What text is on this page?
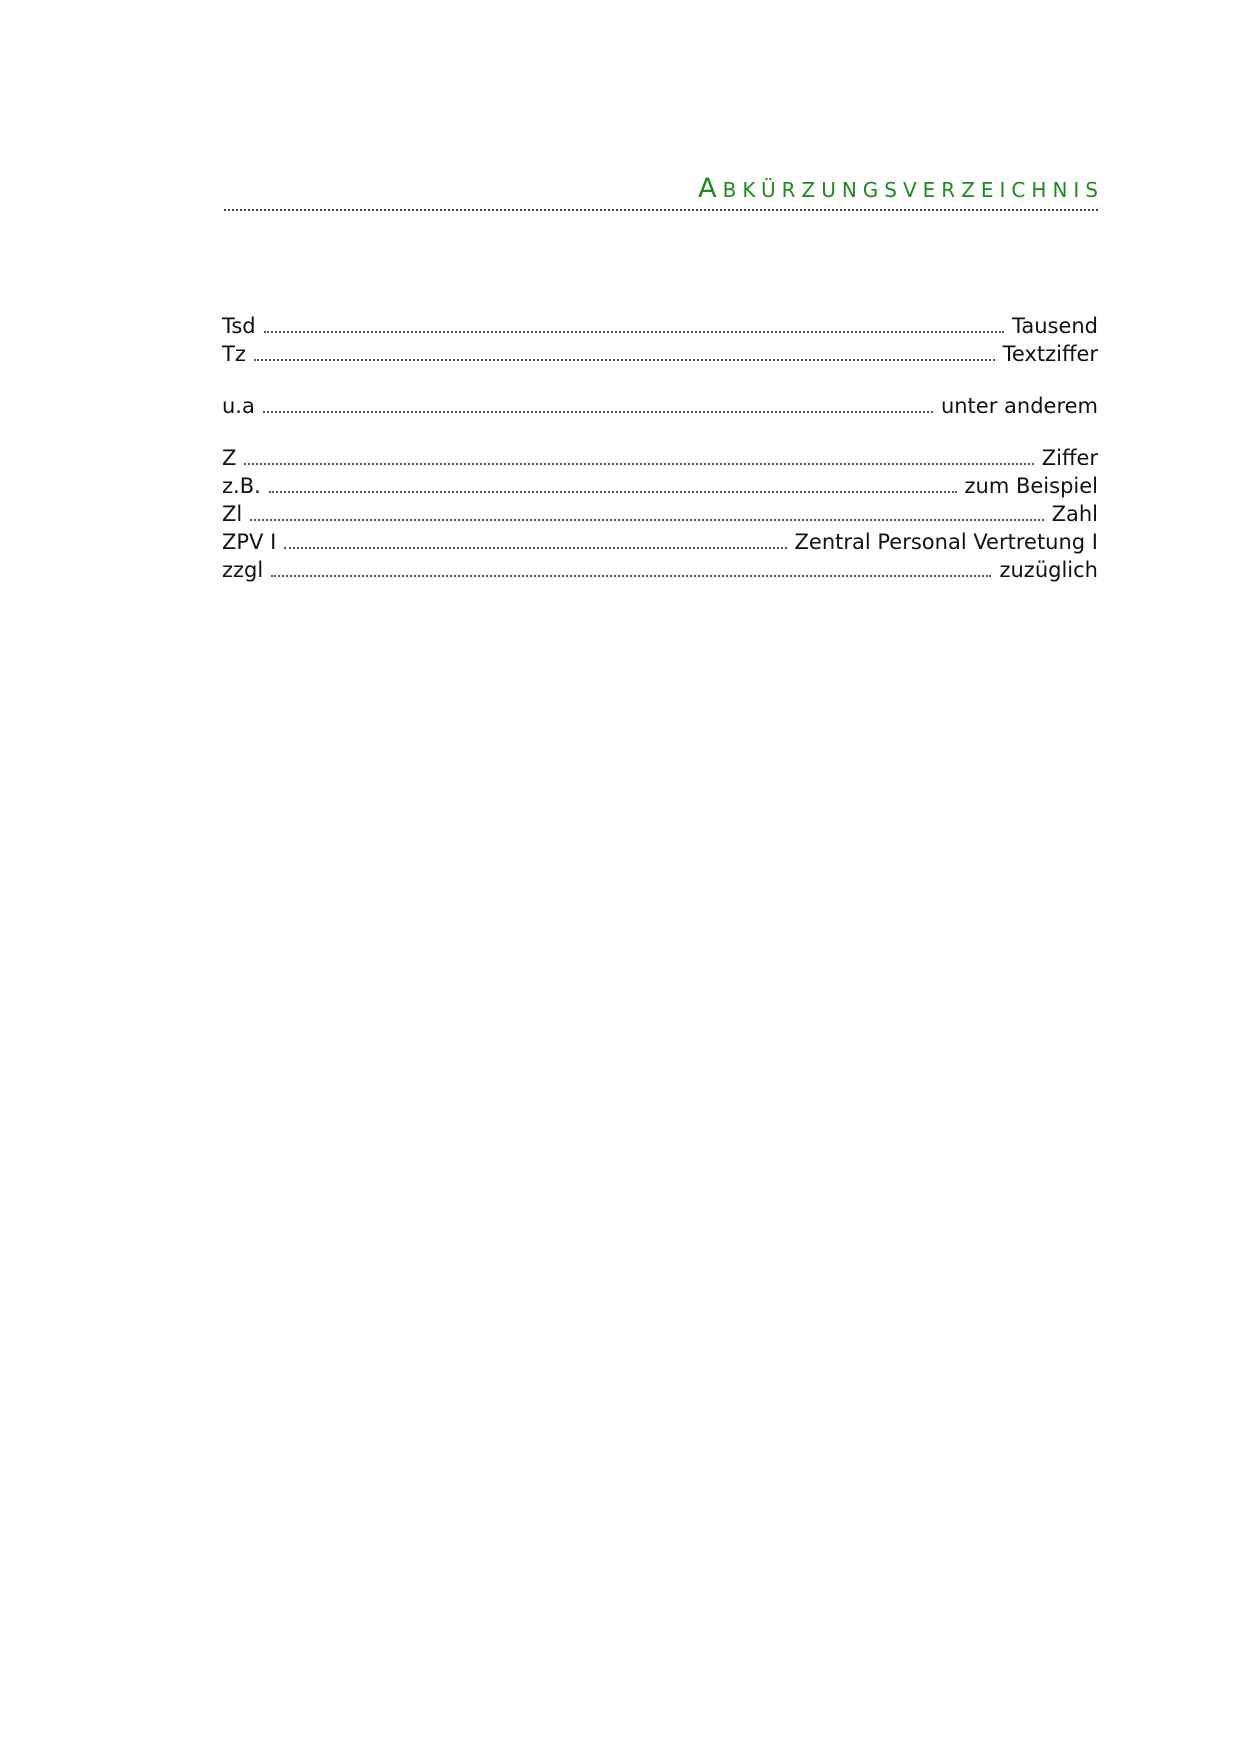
ABKÜRZUNGSVERZEICHNIS
Tsd	Tausend
Tz	Textziffer
u.a	unter anderem
Z	Ziffer
z.B.	zum Beispiel
Zl	Zahl
ZPV I	Zentral Personal Vertretung I
zzgl	zuzüglich
